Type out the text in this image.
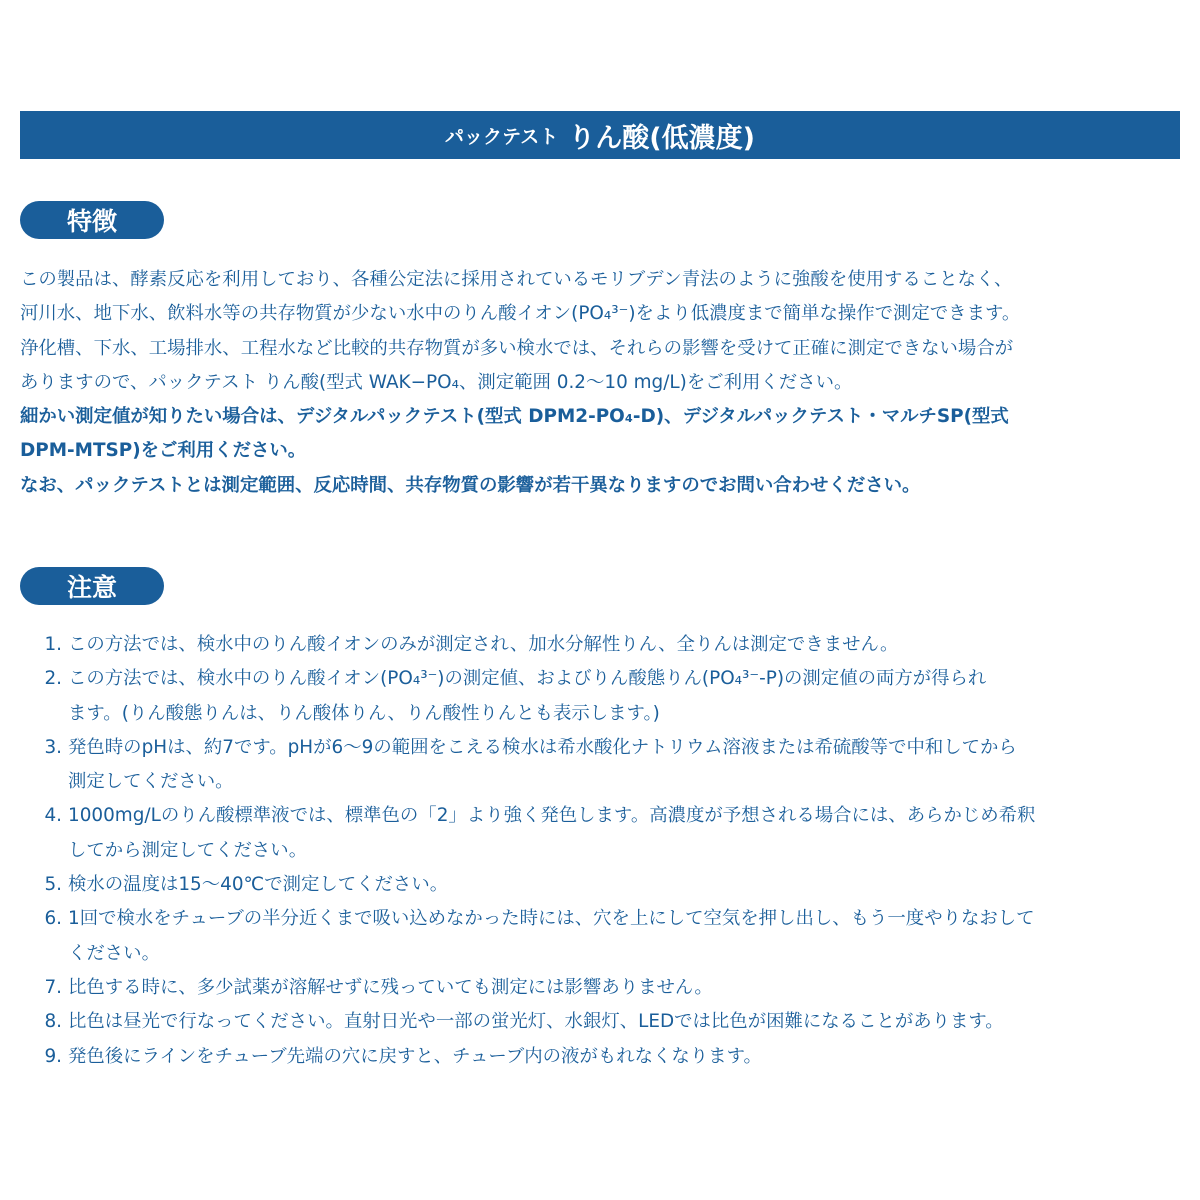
パックテスト りん酸(低濃度)
特徴
この製品は、酵素反応を利用しており、各種公定法に採用されているモリブデン青法のように強酸を使用することなく、
河川水、地下水、飲料水等の共存物質が少ない水中のりん酸イオン(PO₄³⁻)をより低濃度まで簡単な操作で測定できます。
浄化槽、下水、工場排水、工程水など比較的共存物質が多い検水では、それらの影響を受けて正確に測定できない場合が
ありますので、パックテスト りん酸(型式 WAK−PO₄、測定範囲 0.2〜10 mg/L)をご利用ください。
細かい測定値が知りたい場合は、デジタルパックテスト(型式 DPM2-PO₄-D)、デジタルパックテスト・マルチSP(型式
DPM-MTSP)をご利用ください。
なお、パックテストとは測定範囲、反応時間、共存物質の影響が若干異なりますのでお問い合わせください。
注意
1. この方法では、検水中のりん酸イオンのみが測定され、加水分解性りん、全りんは測定できません。
2. この方法では、検水中のりん酸イオン(PO₄³⁻)の測定値、およびりん酸態りん(PO₄³⁻-P)の測定値の両方が得られ
ます。(りん酸態りんは、りん酸体りん、りん酸性りんとも表示します。)
3. 発色時のpHは、約7です。pHが6〜9の範囲をこえる検水は希水酸化ナトリウム溶液または希硫酸等で中和してから
測定してください。
4. 1000mg/Lのりん酸標準液では、標準色の「2」より強く発色します。高濃度が予想される場合には、あらかじめ希釈
してから測定してください。
5. 検水の温度は15〜40℃で測定してください。
6. 1回で検水をチューブの半分近くまで吸い込めなかった時には、穴を上にして空気を押し出し、もう一度やりなおして
ください。
7. 比色する時に、多少試薬が溶解せずに残っていても測定には影響ありません。
8. 比色は昼光で行なってください。直射日光や一部の蛍光灯、水銀灯、LEDでは比色が困難になることがあります。
9. 発色後にラインをチューブ先端の穴に戻すと、チューブ内の液がもれなくなります。
